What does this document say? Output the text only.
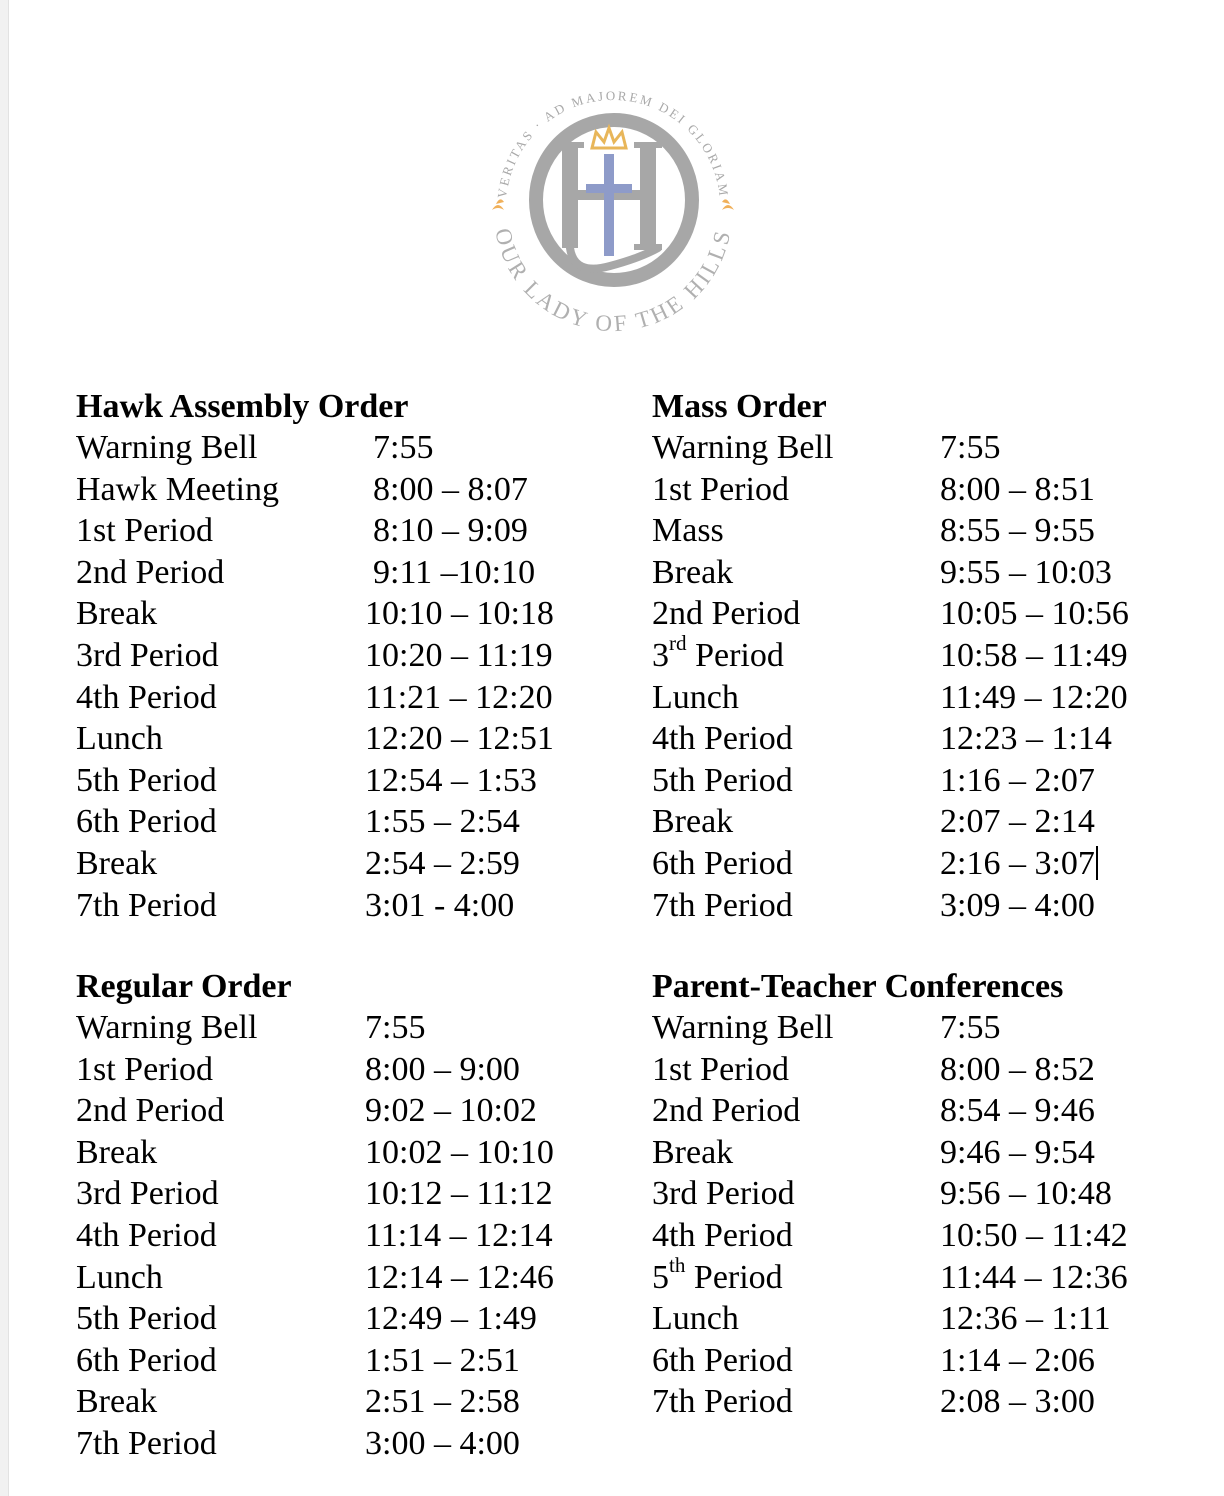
VERITAS · AD MAJOREM DEI GLORIAM
OUR LADY OF THE HILLS
Hawk Assembly Order
Warning Bell	7:55
Hawk Meeting	8:00 – 8:07
1st Period	8:10 – 9:09
2nd Period	9:11 –10:10
Break	10:10 – 10:18
3rd Period	10:20 – 11:19
4th Period	11:21 – 12:20
Lunch	12:20 – 12:51
5th Period	12:54 – 1:53
6th Period	1:55 – 2:54
Break	2:54 – 2:59
7th Period	3:01 - 4:00
Mass Order
Warning Bell	7:55
1st Period	8:00 – 8:51
Mass	8:55 – 9:55
Break	9:55 – 10:03
2nd Period	10:05 – 10:56
3rd Period	10:58 – 11:49
Lunch	11:49 – 12:20
4th Period	12:23 – 1:14
5th Period	1:16 – 2:07
Break	2:07 – 2:14
6th Period	2:16 – 3:07
7th Period	3:09 – 4:00
Regular Order
Warning Bell	7:55
1st Period	8:00 – 9:00
2nd Period	9:02 – 10:02
Break	10:02 – 10:10
3rd Period	10:12 – 11:12
4th Period	11:14 – 12:14
Lunch	12:14 – 12:46
5th Period	12:49 – 1:49
6th Period	1:51 – 2:51
Break	2:51 – 2:58
7th Period	3:00 – 4:00
Parent-Teacher Conferences
Warning Bell	7:55
1st Period	8:00 – 8:52
2nd Period	8:54 – 9:46
Break	9:46 – 9:54
3rd Period	9:56 – 10:48
4th Period	10:50 – 11:42
5th Period	11:44 – 12:36
Lunch	12:36 – 1:11
6th Period	1:14 – 2:06
7th Period	2:08 – 3:00
